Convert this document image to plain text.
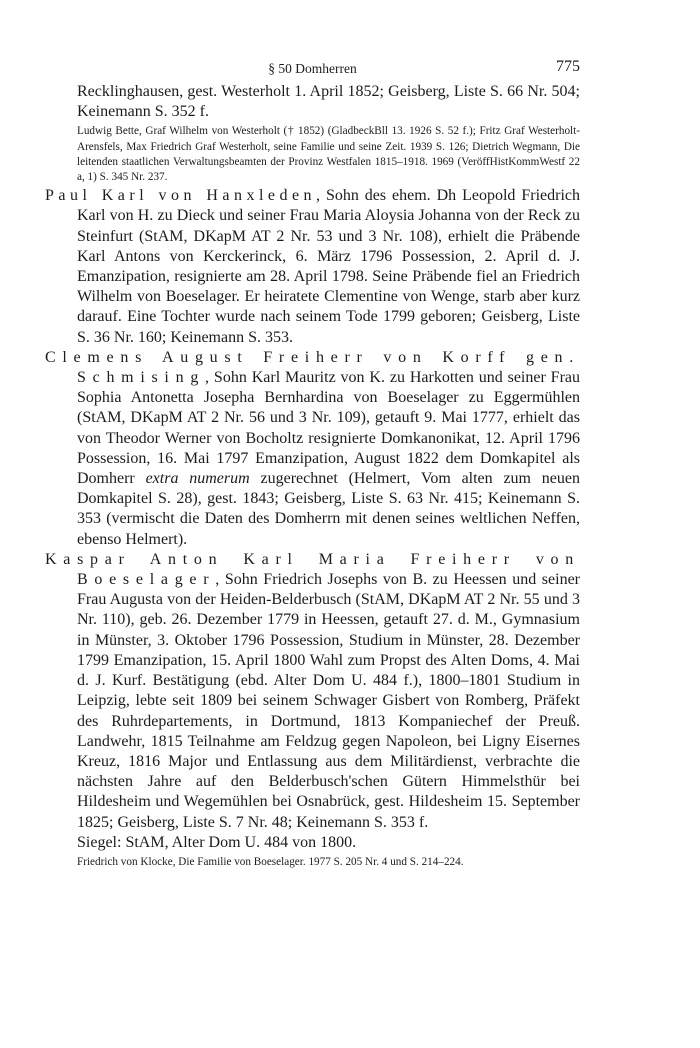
§ 50 Domherren	775
Recklinghausen, gest. Westerholt 1. April 1852; Geisberg, Liste S. 66 Nr. 504; Keinemann S. 352 f.
Ludwig Bette, Graf Wilhelm von Westerholt († 1852) (GladbeckBll 13. 1926 S. 52 f.); Fritz Graf Westerholt-Arensfels, Max Friedrich Graf Westerholt, seine Familie und seine Zeit. 1939 S. 126; Dietrich Wegmann, Die leitenden staatlichen Verwaltungsbeamten der Provinz Westfalen 1815–1918. 1969 (VeröffHistKommWestf 22 a, 1) S. 345 Nr. 237.
Paul Karl von Hanxleden, Sohn des ehem. Dh Leopold Friedrich Karl von H. zu Dieck und seiner Frau Maria Aloysia Johanna von der Reck zu Steinfurt (StAM, DKapM AT 2 Nr. 53 und 3 Nr. 108), erhielt die Präbende Karl Antons von Kerckerinck, 6. März 1796 Possession, 2. April d. J. Emanzipation, resignierte am 28. April 1798. Seine Präbende fiel an Friedrich Wilhelm von Boeselager. Er heiratete Clementine von Wenge, starb aber kurz darauf. Eine Tochter wurde nach seinem Tode 1799 geboren; Geisberg, Liste S. 36 Nr. 160; Keinemann S. 353.
Clemens August Freiherr von Korff gen. Schmising, Sohn Karl Mauritz von K. zu Harkotten und seiner Frau Sophia Antonetta Josepha Bernhardina von Boeselager zu Eggermühlen (StAM, DKapM AT 2 Nr. 56 und 3 Nr. 109), getauft 9. Mai 1777, erhielt das von Theodor Werner von Bocholtz resignierte Domkanonikat, 12. April 1796 Possession, 16. Mai 1797 Emanzipation, August 1822 dem Domkapitel als Domherr extra numerum zugerechnet (Helmert, Vom alten zum neuen Domkapitel S. 28), gest. 1843; Geisberg, Liste S. 63 Nr. 415; Keinemann S. 353 (vermischt die Daten des Domherrn mit denen seines weltlichen Neffen, ebenso Helmert).
Kaspar Anton Karl Maria Freiherr von Boeselager, Sohn Friedrich Josephs von B. zu Heessen und seiner Frau Augusta von der Heiden-Belderbusch (StAM, DKapM AT 2 Nr. 55 und 3 Nr. 110), geb. 26. Dezember 1779 in Heessen, getauft 27. d. M., Gymnasium in Münster, 3. Oktober 1796 Possession, Studium in Münster, 28. Dezember 1799 Emanzipation, 15. April 1800 Wahl zum Propst des Alten Doms, 4. Mai d. J. Kurf. Bestätigung (ebd. Alter Dom U. 484 f.), 1800–1801 Studium in Leipzig, lebte seit 1809 bei seinem Schwager Gisbert von Romberg, Präfekt des Ruhrdepartements, in Dortmund, 1813 Kompaniechef der Preuß. Landwehr, 1815 Teilnahme am Feldzug gegen Napoleon, bei Ligny Eisernes Kreuz, 1816 Major und Entlassung aus dem Militärdienst, verbrachte die nächsten Jahre auf den Belderbusch'schen Gütern Himmelsthür bei Hildesheim und Wegemühlen bei Osnabrück, gest. Hildesheim 15. September 1825; Geisberg, Liste S. 7 Nr. 48; Keinemann S. 353 f.
Siegel: StAM, Alter Dom U. 484 von 1800.
Friedrich von Klocke, Die Familie von Boeselager. 1977 S. 205 Nr. 4 und S. 214–224.
